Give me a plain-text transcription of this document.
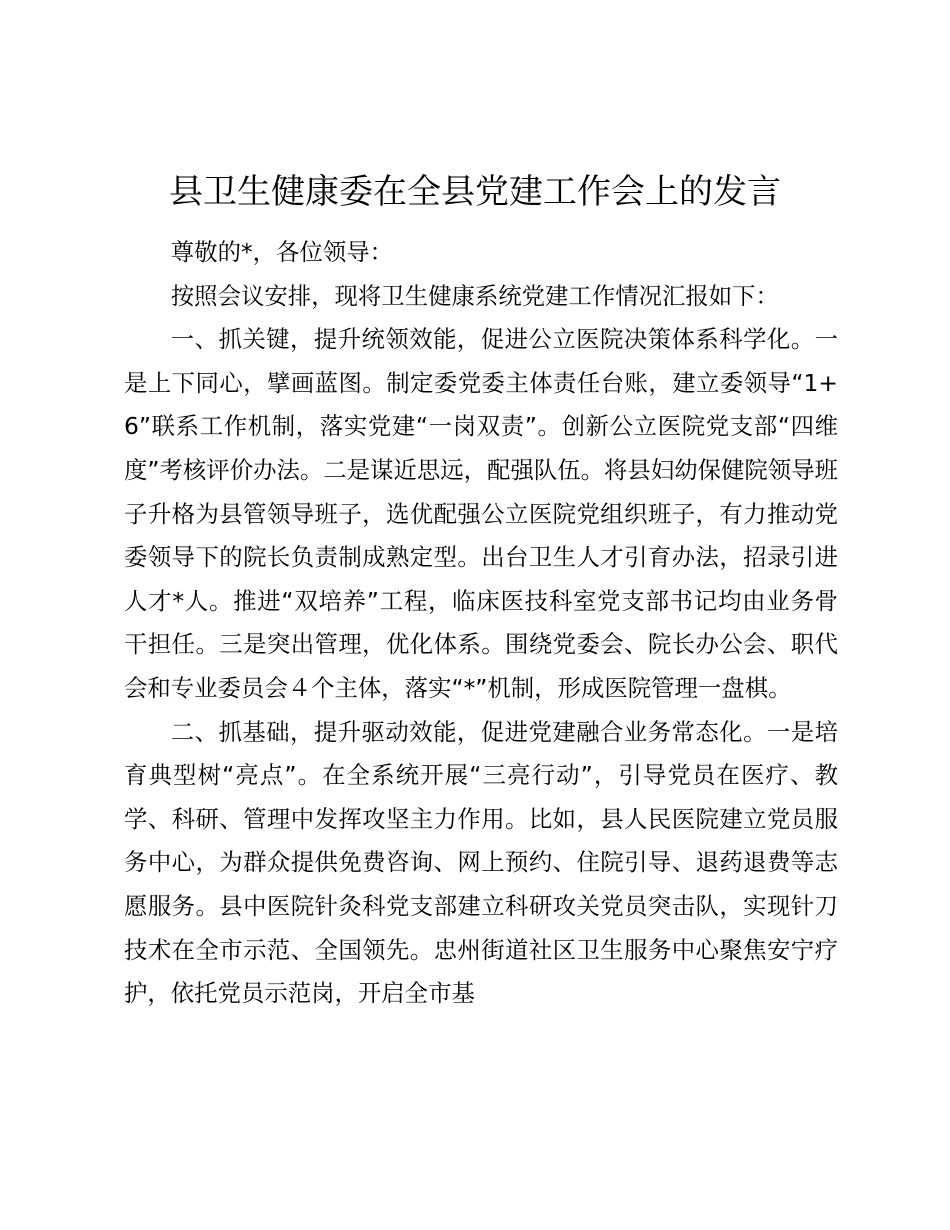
县卫生健康委在全县党建工作会上的发言

尊敬的*，各位领导：

按照会议安排，现将卫生健康系统党建工作情况汇报如下：

一、抓关键，提升统领效能，促进公立医院决策体系科学化。一是上下同心，擘画蓝图。制定委党委主体责任台账，建立委领导“1+6”联系工作机制，落实党建“一岗双责”。创新公立医院党支部“四维度”考核评价办法。二是谋近思远，配强队伍。将县妇幼保健院领导班子升格为县管领导班子，选优配强公立医院党组织班子，有力推动党委领导下的院长负责制成熟定型。出台卫生人才引育办法，招录引进人才*人。推进“双培养”工程，临床医技科室党支部书记均由业务骨干担任。三是突出管理，优化体系。围绕党委会、院长办公会、职代会和专业委员会４个主体，落实“*”机制，形成医院管理一盘棋。

二、抓基础，提升驱动效能，促进党建融合业务常态化。一是培育典型树“亮点”。在全系统开展“三亮行动”，引导党员在医疗、教学、科研、管理中发挥攻坚主力作用。比如，县人民医院建立党员服务中心，为群众提供免费咨询、网上预约、住院引导、退药退费等志愿服务。县中医院针灸科党支部建立科研攻关党员突击队，实现针刀技术在全市示范、全国领先。忠州街道社区卫生服务中心聚焦安宁疗护，依托党员示范岗，开启全市基
